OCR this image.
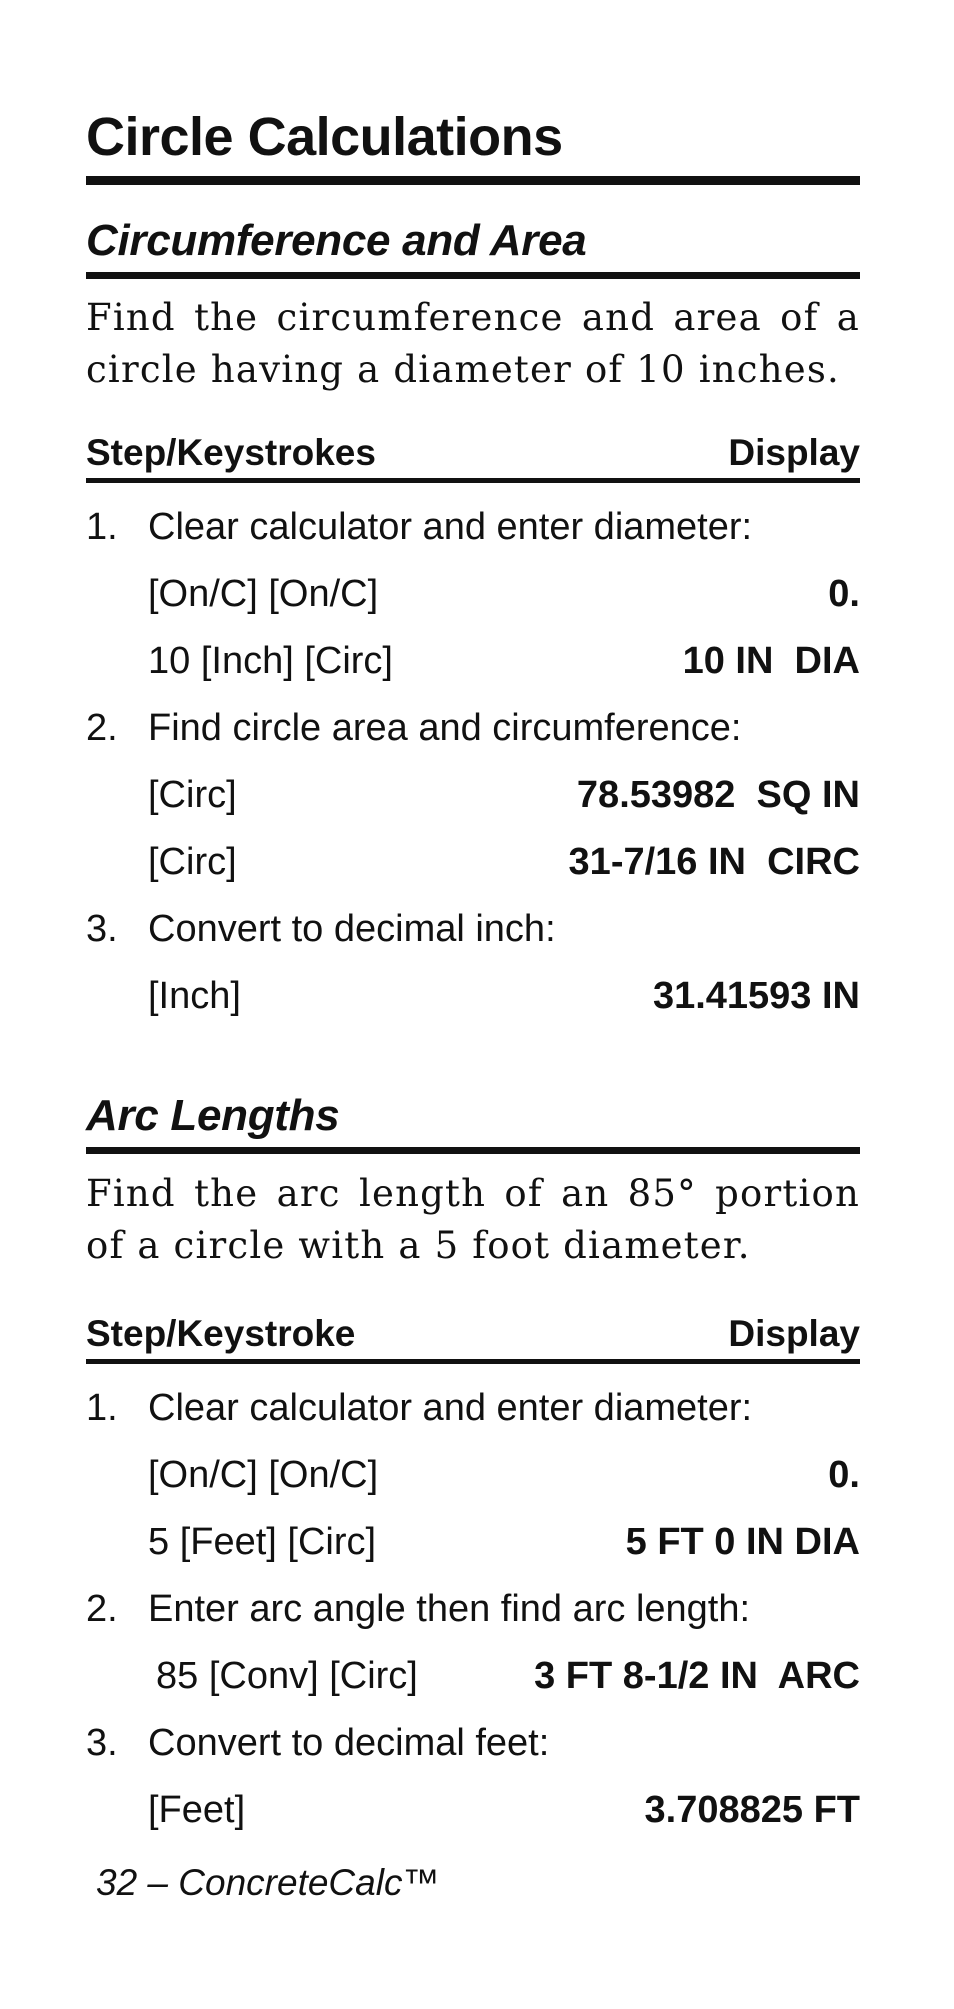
Circle Calculations
Circumference and Area
Find the circumference and area of a circle having a diameter of 10 inches.
Step/Keystrokes	Display
1. Clear calculator and enter diameter:
[On/C] [On/C]	0.
10 [Inch] [Circ]	10 IN  DIA
2. Find circle area and circumference:
[Circ]	78.53982  SQ IN
[Circ]	31-7/16 IN  CIRC
3. Convert to decimal inch:
[Inch]	31.41593 IN
Arc Lengths
Find the arc length of an 85° portion of a circle with a 5 foot diameter.
Step/Keystroke	Display
1. Clear calculator and enter diameter:
[On/C] [On/C]	0.
5 [Feet] [Circ]	5 FT 0 IN DIA
2. Enter arc angle then find arc length:
85 [Conv] [Circ]	3 FT 8-1/2 IN  ARC
3. Convert to decimal feet:
[Feet]	3.708825 FT
32 – ConcreteCalc™
